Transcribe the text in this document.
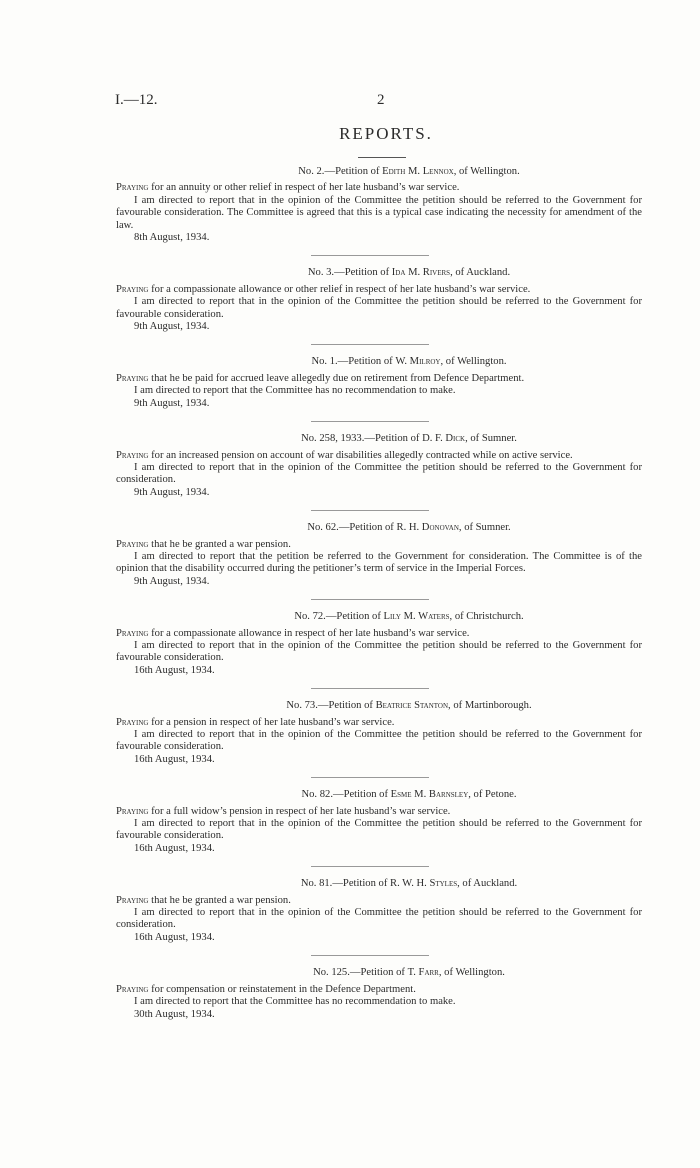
I.—12.	2
REPORTS.

No. 2.—Petition of Edith M. Lennox, of Wellington.

Praying for an annuity or other relief in respect of her late husband’s war service.

I am directed to report that in the opinion of the Committee the petition should be referred to the Government for favourable consideration. The Committee is agreed that this is a typical case indicating the necessity for amendment of the law.

8th August, 1934.

No. 3.—Petition of Ida M. Rivers, of Auckland.

Praying for a compassionate allowance or other relief in respect of her late husband’s war service.

I am directed to report that in the opinion of the Committee the petition should be referred to the Government for favourable consideration.

9th August, 1934.

No. 1.—Petition of W. Milroy, of Wellington.

Praying that he be paid for accrued leave allegedly due on retirement from Defence Department.

I am directed to report that the Committee has no recommendation to make.

9th August, 1934.

No. 258, 1933.—Petition of D. F. Dick, of Sumner.

Praying for an increased pension on account of war disabilities allegedly contracted while on active service.

I am directed to report that in the opinion of the Committee the petition should be referred to the Government for consideration.

9th August, 1934.

No. 62.—Petition of R. H. Donovan, of Sumner.

Praying that he be granted a war pension.

I am directed to report that the petition be referred to the Government for consideration. The Committee is of the opinion that the disability occurred during the petitioner’s term of service in the Imperial Forces.

9th August, 1934.

No. 72.—Petition of Lily M. Waters, of Christchurch.

Praying for a compassionate allowance in respect of her late husband’s war service.

I am directed to report that in the opinion of the Committee the petition should be referred to the Government for favourable consideration.

16th August, 1934.

No. 73.—Petition of Beatrice Stanton, of Martinborough.

Praying for a pension in respect of her late husband’s war service.

I am directed to report that in the opinion of the Committee the petition should be referred to the Government for favourable consideration.

16th August, 1934.

No. 82.—Petition of Esme M. Barnsley, of Petone.

Praying for a full widow’s pension in respect of her late husband’s war service.

I am directed to report that in the opinion of the Committee the petition should be referred to the Government for favourable consideration.

16th August, 1934.

No. 81.—Petition of R. W. H. Styles, of Auckland.

Praying that he be granted a war pension.

I am directed to report that in the opinion of the Committee the petition should be referred to the Government for consideration.

16th August, 1934.

No. 125.—Petition of T. Farr, of Wellington.

Praying for compensation or reinstatement in the Defence Department.

I am directed to report that the Committee has no recommendation to make.

30th August, 1934.
